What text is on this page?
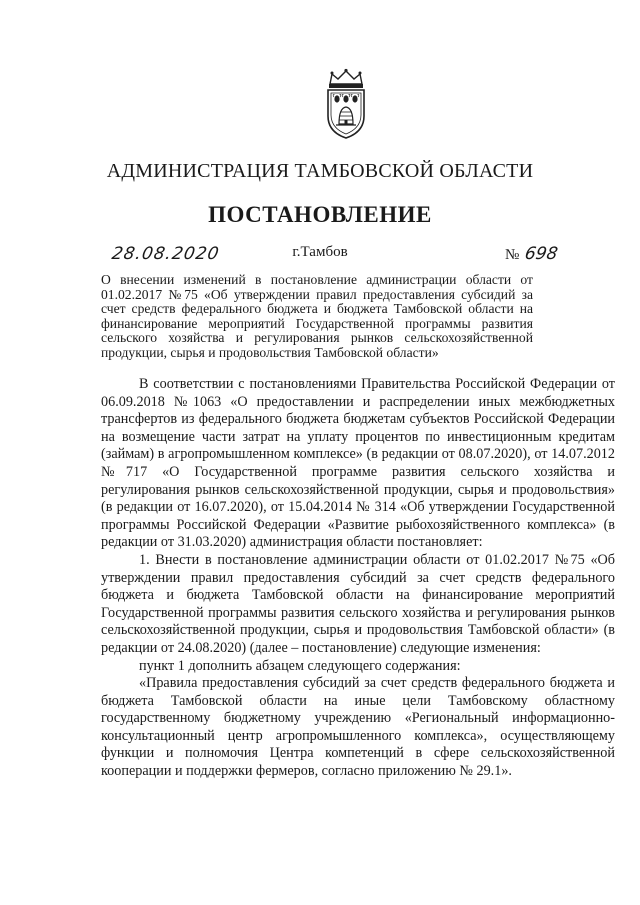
АДМИНИСТРАЦИЯ ТАМБОВСКОЙ ОБЛАСТИ
ПОСТАНОВЛЕНИЕ
г.Тамбов
28.08.2020	№ 698
О внесении изменений в постановление администрации области от 01.02.2017 №75 «Об утверждении правил предоставления субсидий за счет средств федерального бюджета и бюджета Тамбовской области на финансирование мероприятий Государственной программы развития сельского хозяйства и регулирования рынков сельскохозяйственной продукции, сырья и продовольствия Тамбовской области»

В соответствии с постановлениями Правительства Российской Федерации от 06.09.2018 №1063 «О предоставлении и распределении иных межбюджетных трансфертов из федерального бюджета бюджетам субъектов Российской Федерации на возмещение части затрат на уплату процентов по инвестиционным кредитам (займам) в агропромышленном комплексе» (в редакции от 08.07.2020), от 14.07.2012 №717 «О Государственной программе развития сельского хозяйства и регулирования рынков сельскохозяйственной продукции, сырья и продовольствия» (в редакции от 16.07.2020), от 15.04.2014 № 314 «Об утверждении Государственной программы Российской Федерации «Развитие рыбохозяйственного комплекса» (в редакции от 31.03.2020) администрация области постановляет:

1. Внести в постановление администрации области от 01.02.2017 №75 «Об утверждении правил предоставления субсидий за счет средств федерального бюджета и бюджета Тамбовской области на финансирование мероприятий Государственной программы развития сельского хозяйства и регулирования рынков сельскохозяйственной продукции, сырья и продовольствия Тамбовской области» (в редакции от 24.08.2020) (далее – постановление) следующие изменения:

пункт 1 дополнить абзацем следующего содержания:

«Правила предоставления субсидий за счет средств федерального бюджета и бюджета Тамбовской области на иные цели Тамбовскому областному государственному бюджетному учреждению «Региональный информационно-консультационный центр агропромышленного комплекса», осуществляющему функции и полномочия Центра компетенций в сфере сельскохозяйственной кооперации и поддержки фермеров, согласно приложению № 29.1».
